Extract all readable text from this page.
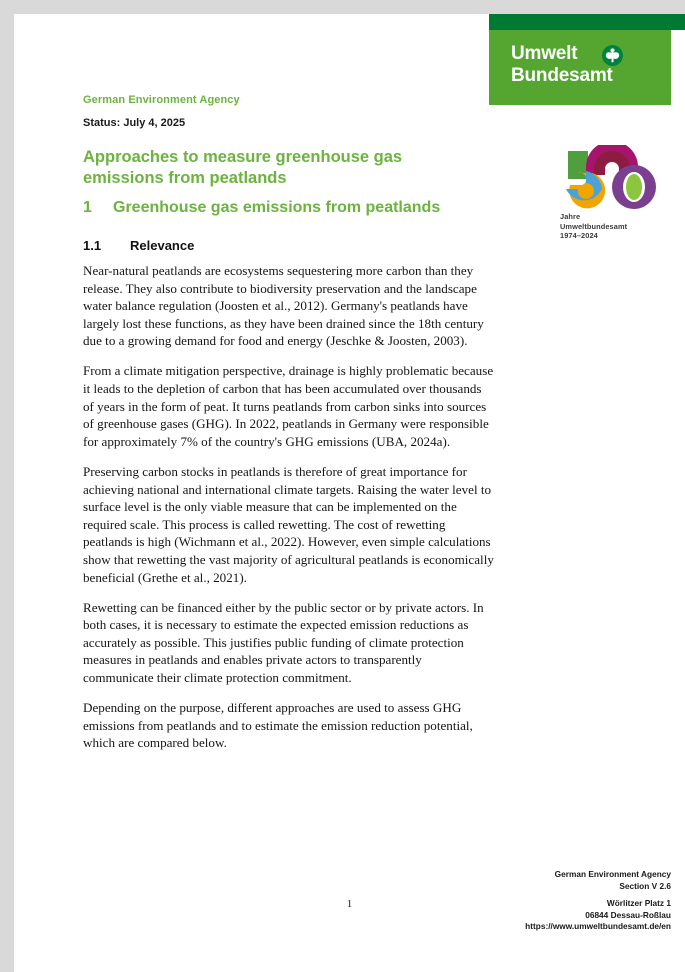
Umwelt
Bundesamt
German Environment Agency
Status: July 4, 2025
Approaches to measure greenhouse gas emissions from peatlands
1	Greenhouse gas emissions from peatlands
1.1	Relevance
Jahre
Umweltbundesamt
1974–2024

Near-natural peatlands are ecosystems sequestering more carbon than they release. They also contribute to biodiversity preservation and the landscape water balance regulation (Joosten et al., 2012). Germany's peatlands have largely lost these functions, as they have been drained since the 18th century due to a growing demand for food and energy (Jeschke & Joosten, 2003).

From a climate mitigation perspective, drainage is highly problematic because it leads to the depletion of carbon that has been accumulated over thousands of years in the form of peat. It turns peatlands from carbon sinks into sources of greenhouse gases (GHG). In 2022, peatlands in Germany were responsible for approximately 7% of the country's GHG emissions (UBA, 2024a).

Preserving carbon stocks in peatlands is therefore of great importance for achieving national and international climate targets. Raising the water level to surface level is the only viable measure that can be implemented on the required scale. This process is called rewetting. The cost of rewetting peatlands is high (Wichmann et al., 2022). However, even simple calculations show that rewetting the vast majority of agricultural peatlands is economically beneficial (Grethe et al., 2021).

Rewetting can be financed either by the public sector or by private actors. In both cases, it is necessary to estimate the expected emission reductions as accurately as possible. This justifies public funding of climate protection measures in peatlands and enables private actors to transparently communicate their climate protection commitment.

Depending on the purpose, different approaches are used to assess GHG emissions from peatlands and to estimate the emission reduction potential, which are compared below.

German Environment Agency
Section V 2.6
Wörlitzer Platz 1
06844 Dessau-Roßlau
https://www.umweltbundesamt.de/en
1
